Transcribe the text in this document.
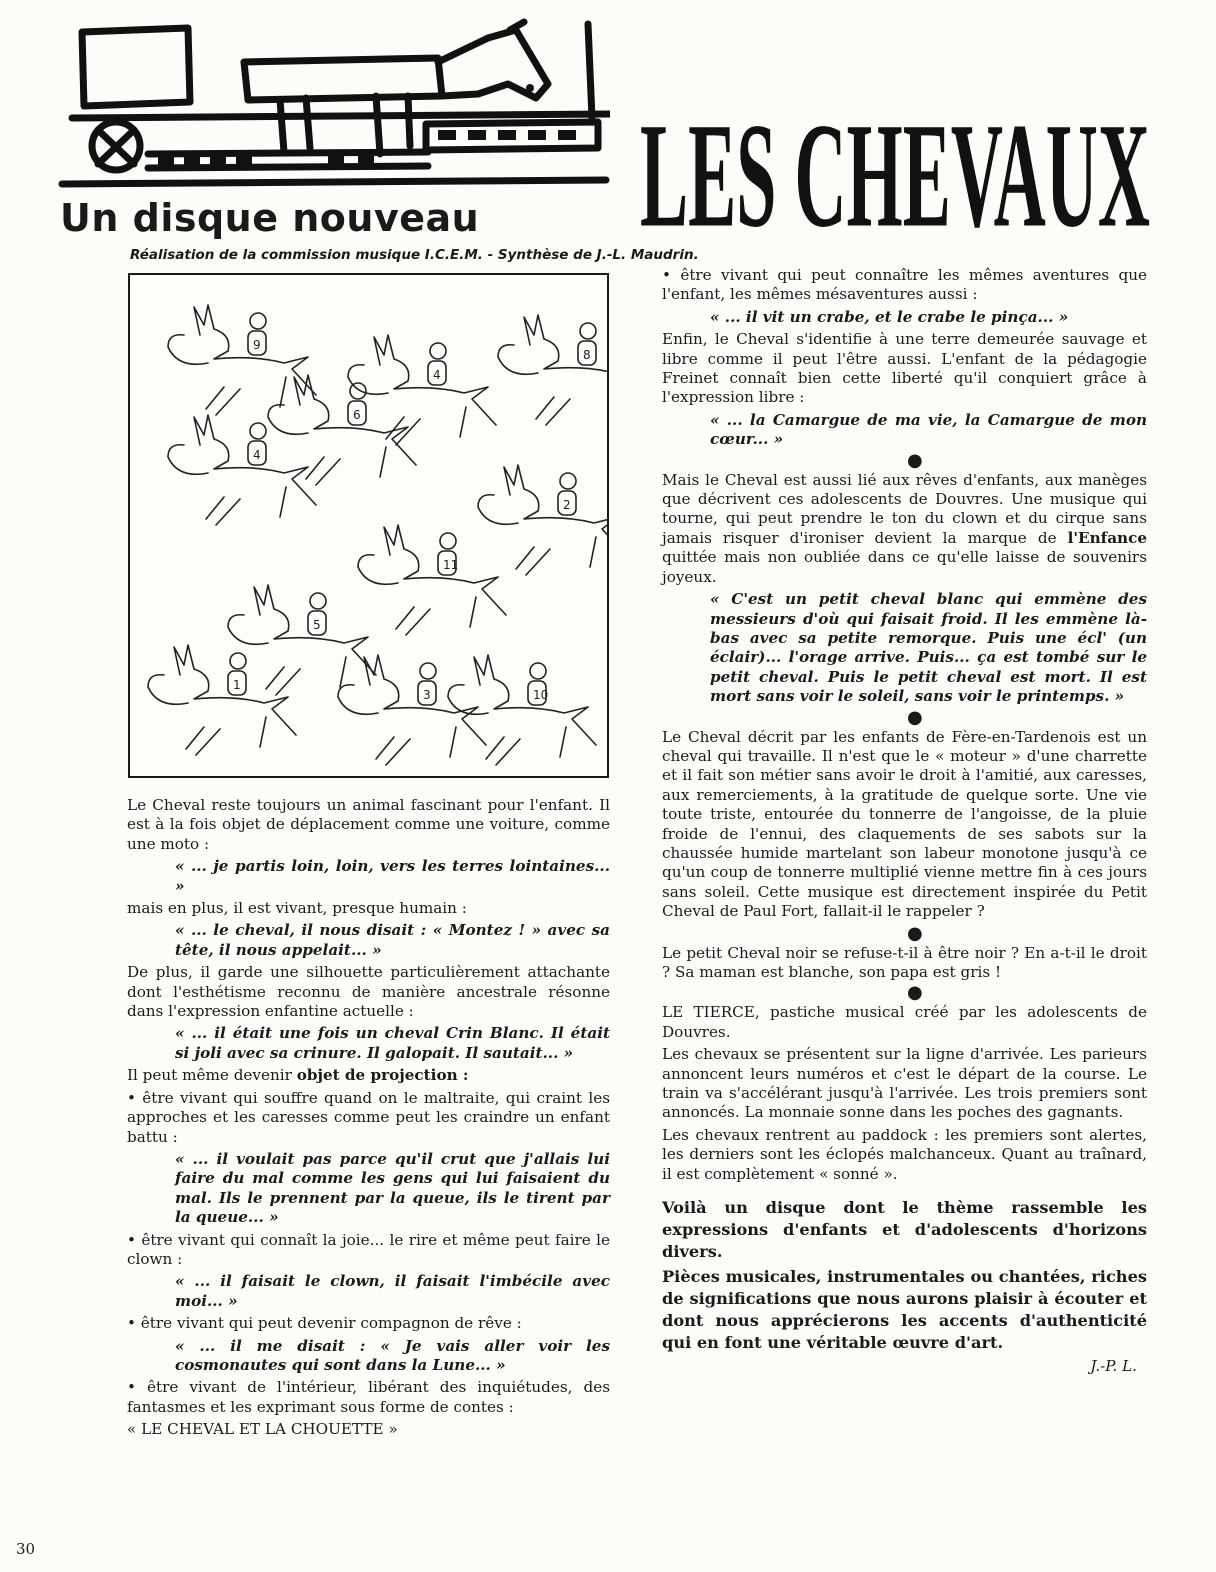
Un disque nouveau	LES CHEVAUX
Réalisation de la commission musique I.C.E.M. - Synthèse de J.-L. Maudrin.
9
8
4
6
4
2
11
5
1
3	10

Le Cheval reste toujours un animal fascinant pour l'enfant. Il est à la fois objet de déplacement comme une voiture, comme une moto :

« ... je partis loin, loin, vers les terres lointaines... »

mais en plus, il est vivant, presque humain :

« ... le cheval, il nous disait : « Montez ! » avec sa tête, il nous appelait... »

De plus, il garde une silhouette particulièrement attachante dont l'esthétisme reconnu de manière ancestrale résonne dans l'expression enfantine actuelle :

« ... il était une fois un cheval Crin Blanc. Il était si joli avec sa crinure. Il galopait. Il sautait... »

Il peut même devenir objet de projection :

• être vivant qui souffre quand on le maltraite, qui craint les approches et les caresses comme peut les craindre un enfant battu :

« ... il voulait pas parce qu'il crut que j'allais lui faire du mal comme les gens qui lui faisaient du mal. Ils le prennent par la queue, ils le tirent par la queue... »

• être vivant qui connaît la joie... le rire et même peut faire le clown :

« ... il faisait le clown, il faisait l'imbécile avec moi... »

• être vivant qui peut devenir compagnon de rêve :

« ... il me disait : « Je vais aller voir les cosmonautes qui sont dans la Lune... »

• être vivant de l'intérieur, libérant des inquiétudes, des fantasmes et les exprimant sous forme de contes :

« LE CHEVAL ET LA CHOUETTE »

• être vivant qui peut connaître les mêmes aventures que l'enfant, les mêmes mésaventures aussi :

« ... il vit un crabe, et le crabe le pinça... »

Enfin, le Cheval s'identifie à une terre demeurée sauvage et libre comme il peut l'être aussi. L'enfant de la pédagogie Freinet connaît bien cette liberté qu'il conquiert grâce à l'expression libre :

« ... la Camargue de ma vie, la Camargue de mon cœur... »

●

Mais le Cheval est aussi lié aux rêves d'enfants, aux manèges que décrivent ces adolescents de Douvres. Une musique qui tourne, qui peut prendre le ton du clown et du cirque sans jamais risquer d'ironiser devient la marque de l'Enfance quittée mais non oubliée dans ce qu'elle laisse de souvenirs joyeux.

« C'est un petit cheval blanc qui emmène des messieurs d'où qui faisait froid. Il les emmène là-bas avec sa petite remorque. Puis une écl' (un éclair)... l'orage arrive. Puis... ça est tombé sur le petit cheval. Puis le petit cheval est mort. Il est mort sans voir le soleil, sans voir le printemps. »

●

Le Cheval décrit par les enfants de Fère-en-Tardenois est un cheval qui travaille. Il n'est que le « moteur » d'une charrette et il fait son métier sans avoir le droit à l'amitié, aux caresses, aux remerciements, à la gratitude de quelque sorte. Une vie toute triste, entourée du tonnerre de l'angoisse, de la pluie froide de l'ennui, des claquements de ses sabots sur la chaussée humide martelant son labeur monotone jusqu'à ce qu'un coup de tonnerre multiplié vienne mettre fin à ces jours sans soleil. Cette musique est directement inspirée du Petit Cheval de Paul Fort, fallait-il le rappeler ?

●

Le petit Cheval noir se refuse-t-il à être noir ? En a-t-il le droit ? Sa maman est blanche, son papa est gris !

●

LE TIERCE, pastiche musical créé par les adolescents de Douvres.

Les chevaux se présentent sur la ligne d'arrivée. Les parieurs annoncent leurs numéros et c'est le départ de la course. Le train va s'accélérant jusqu'à l'arrivée. Les trois premiers sont annoncés. La monnaie sonne dans les poches des gagnants.

Les chevaux rentrent au paddock : les premiers sont alertes, les derniers sont les éclopés malchanceux. Quant au traînard, il est complètement « sonné ».

Voilà un disque dont le thème rassemble les expressions d'enfants et d'adolescents d'horizons divers.

Pièces musicales, instrumentales ou chantées, riches de significations que nous aurons plaisir à écouter et dont nous apprécierons les accents d'authenticité qui en font une véritable œuvre d'art.

J.-P. L.

30
